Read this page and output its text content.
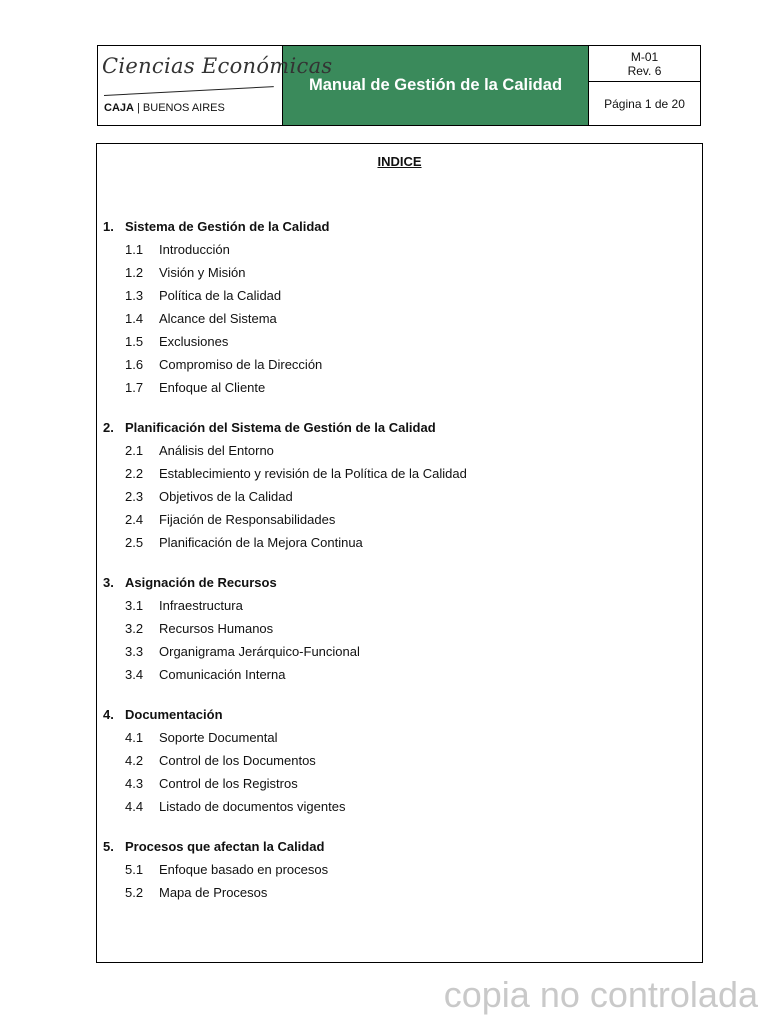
Ciencias Económicas
CAJA | BUENOS AIRES
Manual de Gestión de la Calidad
M-01
Rev. 6
Página 1 de 20
INDICE
1. Sistema de Gestión de la Calidad
1.1	Introducción
1.2	Visión y Misión
1.3	Política de la Calidad
1.4	Alcance del Sistema
1.5	Exclusiones
1.6	Compromiso de la Dirección
1.7	Enfoque al Cliente
2. Planificación del Sistema de Gestión de la Calidad
2.1	Análisis del Entorno
2.2	Establecimiento y revisión de la Política de la Calidad
2.3	Objetivos de la Calidad
2.4	Fijación de Responsabilidades
2.5	Planificación de la Mejora Continua
3. Asignación de Recursos
3.1	Infraestructura
3.2	Recursos Humanos
3.3	Organigrama Jerárquico-Funcional
3.4	Comunicación Interna
4. Documentación
4.1	Soporte Documental
4.2	Control de los Documentos
4.3	Control de los Registros
4.4	Listado de documentos vigentes
5. Procesos que afectan la Calidad
5.1	Enfoque basado en procesos
5.2	Mapa de Procesos
copia no controlada
